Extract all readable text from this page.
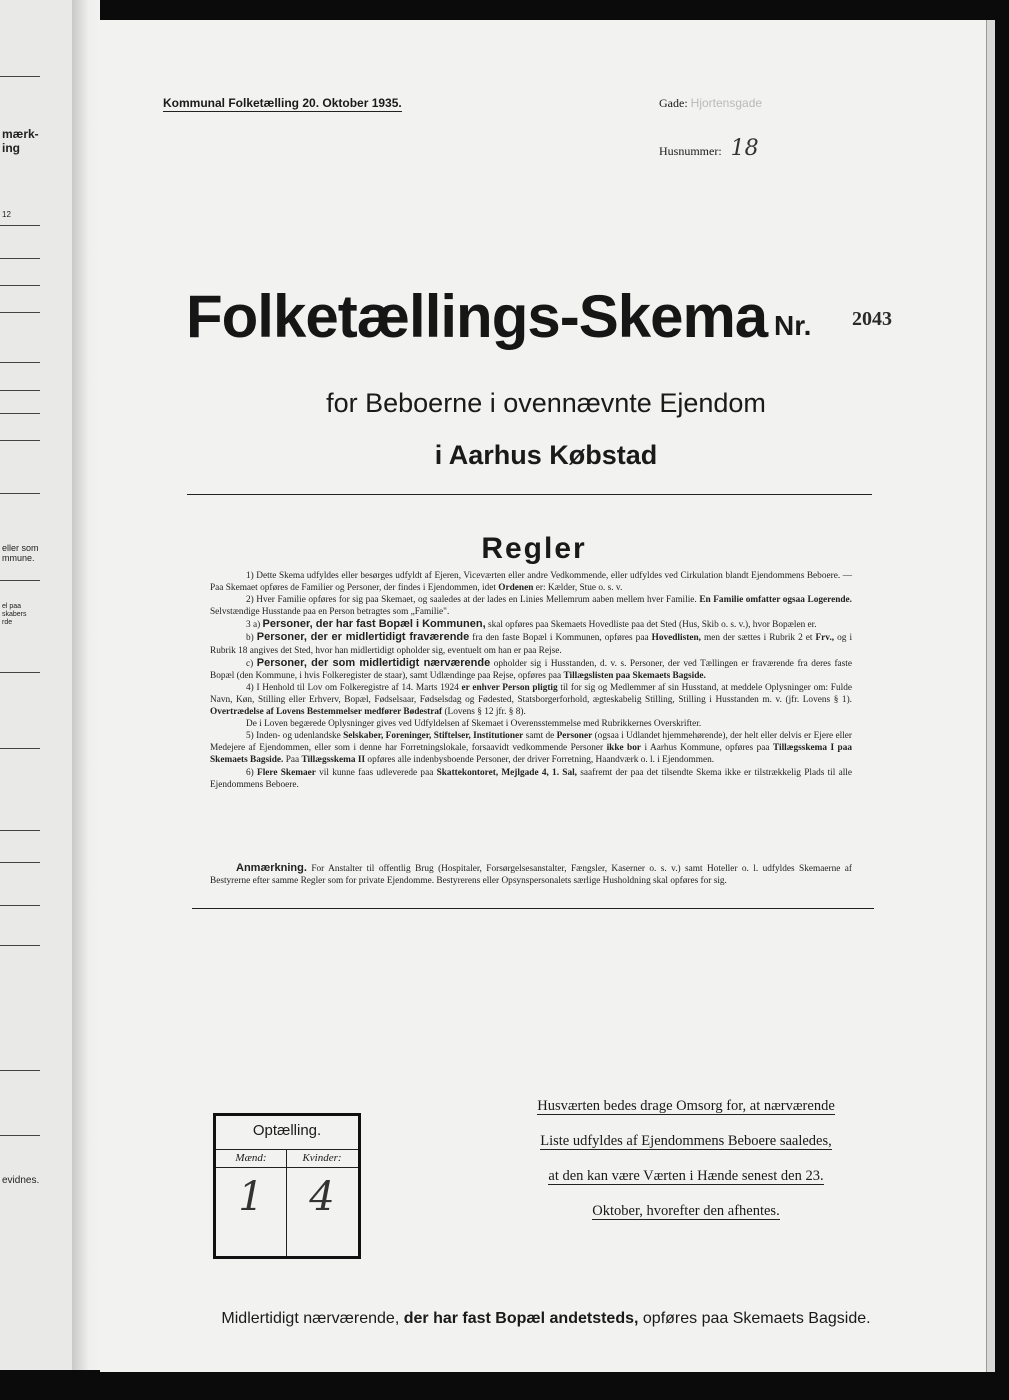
mærk-
ing
12
eller som
mmune.
el paa
skabers
rde
evidnes.
Kommunal Folketælling 20. Oktober 1935.	Gade: Hjortensgade
Husnummer: 18
Folketællings-Skema Nr. 2043
for Beboerne i ovennævnte Ejendom
i Aarhus Købstad
Regler

1) Dette Skema udfyldes eller besørges udfyldt af Ejeren, Viceværten eller andre Vedkommende, eller udfyldes ved Cirkulation blandt Ejendommens Beboere. — Paa Skemaet opføres de Familier og Personer, der findes i Ejendommen, idet Ordenen er: Kælder, Stue o. s. v.

2) Hver Familie opføres for sig paa Skemaet, og saaledes at der lades en Linies Mellemrum aaben mellem hver Familie. En Familie omfatter ogsaa Logerende. Selvstændige Husstande paa en Person betragtes som „Familie".

3 a) Personer, der har fast Bopæl i Kommunen, skal opføres paa Skemaets Hovedliste paa det Sted (Hus, Skib o. s. v.), hvor Bopælen er.

b) Personer, der er midlertidigt fraværende fra den faste Bopæl i Kommunen, opføres paa Hovedlisten, men der sættes i Rubrik 2 et Frv., og i Rubrik 18 angives det Sted, hvor han midlertidigt opholder sig, eventuelt om han er paa Rejse.

c) Personer, der som midlertidigt nærværende opholder sig i Husstanden, d. v. s. Personer, der ved Tællingen er fraværende fra deres faste Bopæl (den Kommune, i hvis Folkeregister de staar), samt Udlændinge paa Rejse, opføres paa Tillægslisten paa Skemaets Bagside.

4) I Henhold til Lov om Folkeregistre af 14. Marts 1924 er enhver Person pligtig til for sig og Medlemmer af sin Husstand, at meddele Oplysninger om: Fulde Navn, Køn, Stilling eller Erhverv, Bopæl, Fødselsaar, Fødselsdag og Fødested, Statsborgerforhold, ægteskabelig Stilling, Stilling i Husstanden m. v. (jfr. Lovens § 1). Overtrædelse af Lovens Bestemmelser medfører Bødestraf (Lovens § 12 jfr. § 8).

De i Loven begærede Oplysninger gives ved Udfyldelsen af Skemaet i Overensstemmelse med Rubrikkernes Overskrifter.

5) Inden- og udenlandske Selskaber, Foreninger, Stiftelser, Institutioner samt de Personer (ogsaa i Udlandet hjemmehørende), der helt eller delvis er Ejere eller Medejere af Ejendommen, eller som i denne har Forretningslokale, forsaavidt vedkommende Personer ikke bor i Aarhus Kommune, opføres paa Tillægsskema I paa Skemaets Bagside. Paa Tillægsskema II opføres alle indenbysboende Personer, der driver Forretning, Haandværk o. l. i Ejendommen.

6) Flere Skemaer vil kunne faas udleverede paa Skattekontoret, Mejlgade 4, 1. Sal, saafremt der paa det tilsendte Skema ikke er tilstrækkelig Plads til alle Ejendommens Beboere.

Anmærkning. For Anstalter til offentlig Brug (Hospitaler, Forsørgelsesanstalter, Fængsler, Kaserner o. s. v.) samt Hoteller o. l. udfyldes Skemaerne af Bestyrerne efter samme Regler som for private Ejendomme. Bestyrerens eller Opsynspersonalets særlige Husholdning skal opføres for sig.

Optælling.
Mænd:	Kvinder:
1	4
Husværten bedes drage Omsorg for, at nærværende
Liste udfyldes af Ejendommens Beboere saaledes,
at den kan være Værten i Hænde senest den 23.
Oktober, hvorefter den afhentes.
Midlertidigt nærværende, der har fast Bopæl andetsteds, opføres paa Skemaets Bagside.
